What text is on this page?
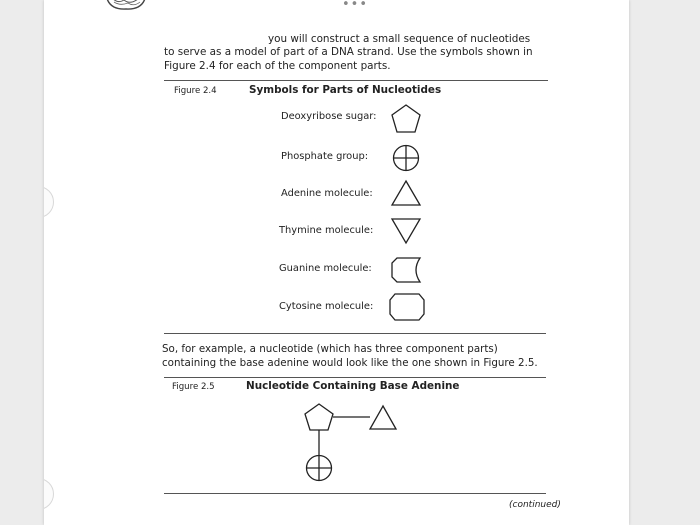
•••
you will construct a small sequence of nucleotides
to serve as a model of part of a DNA strand. Use the symbols shown in
Figure 2.4 for each of the component parts.
Figure 2.4	Symbols for Parts of Nucleotides
Deoxyribose sugar:
Phosphate group:
Adenine molecule:
Thymine molecule:
Guanine molecule:
Cytosine molecule:
So, for example, a nucleotide (which has three component parts)
containing the base adenine would look like the one shown in Figure 2.5.
Figure 2.5	Nucleotide Containing Base Adenine
(continued)
